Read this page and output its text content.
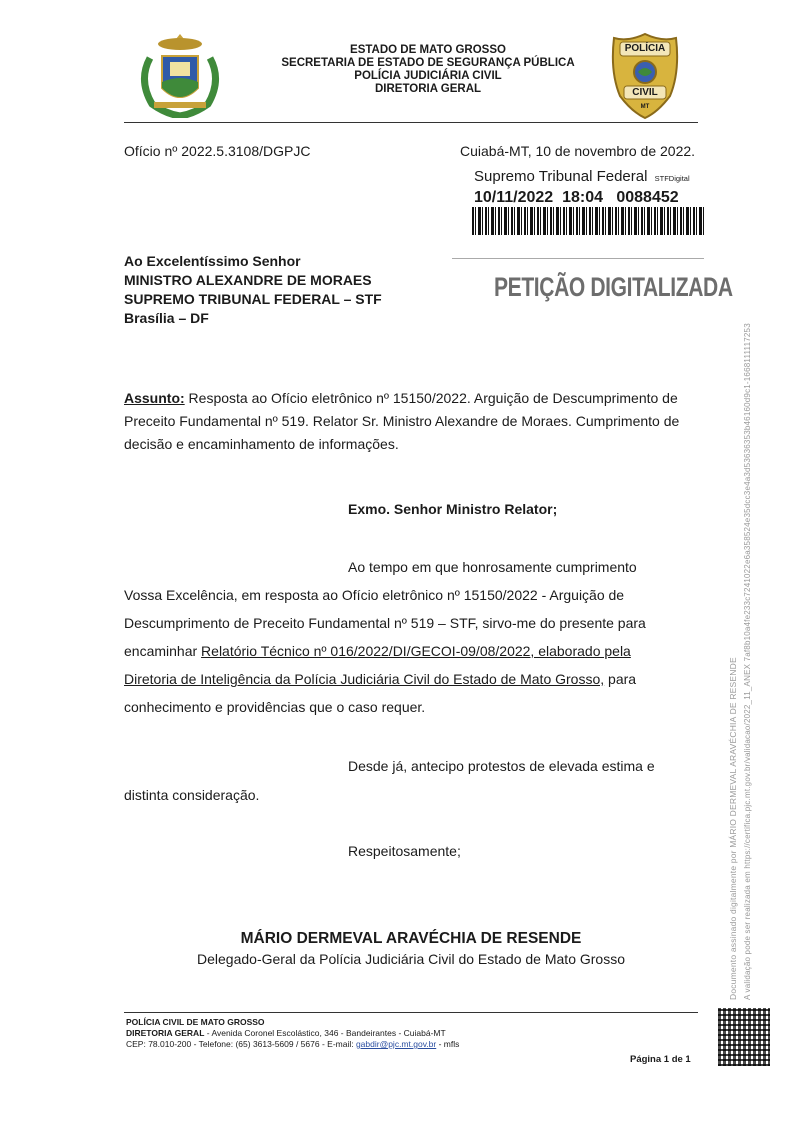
ESTADO DE MATO GROSSO
SECRETARIA DE ESTADO DE SEGURANÇA PÚBLICA
POLÍCIA JUDICIÁRIA CIVIL
DIRETORIA GERAL
POLÍCIA
CIVIL
MT
Ofício nº 2022.5.3108/DGPJC	Cuiabá-MT, 10 de novembro de 2022.
Supremo Tribunal Federal STFDigital
10/11/2022  18:04   0088452
Ao Excelentíssimo Senhor
MINISTRO ALEXANDRE DE MORAES
SUPREMO TRIBUNAL FEDERAL – STF
Brasília – DF
PETIÇÃO DIGITALIZADA
Assunto: Resposta ao Ofício eletrônico nº 15150/2022. Arguição de Descumprimento de
Preceito Fundamental nº 519. Relator Sr. Ministro Alexandre de Moraes. Cumprimento de
decisão e encaminhamento de informações.
Exmo. Senhor Ministro Relator;
Ao tempo em que honrosamente cumprimento
Vossa Excelência, em resposta ao Ofício eletrônico nº 15150/2022 - Arguição de
Descumprimento de Preceito Fundamental nº 519 – STF, sirvo-me do presente para
encaminhar Relatório Técnico nº 016/2022/DI/GECOI-09/08/2022, elaborado pela
Diretoria de Inteligência da Polícia Judiciária Civil do Estado de Mato Grosso, para
conhecimento e providências que o caso requer.
Desde já, antecipo protestos de elevada estima e
distinta consideração.
Respeitosamente;
MÁRIO DERMEVAL ARAVÉCHIA DE RESENDE
Delegado-Geral da Polícia Judiciária Civil do Estado de Mato Grosso
POLÍCIA CIVIL DE MATO GROSSO
DIRETORIA GERAL - Avenida Coronel Escolástico, 346 - Bandeirantes - Cuiabá-MT
CEP: 78.010-200 - Telefone: (65) 3613-5609 / 5676 - E-mail: gabdir@pjc.mt.gov.br - mfls
Página 1 de 1
Documento assinado digitalmente por MÁRIO DERMEVAL ARAVÉCHIA DE RESENDE A validação pode ser realizada em https://certifica.pjc.mt.gov.br/validacao/2022_11_ANEX 7af8b10a4fe233c7241022e6a358524e35dcc3e4a3d53636353b46160d9c1-1668111117253
